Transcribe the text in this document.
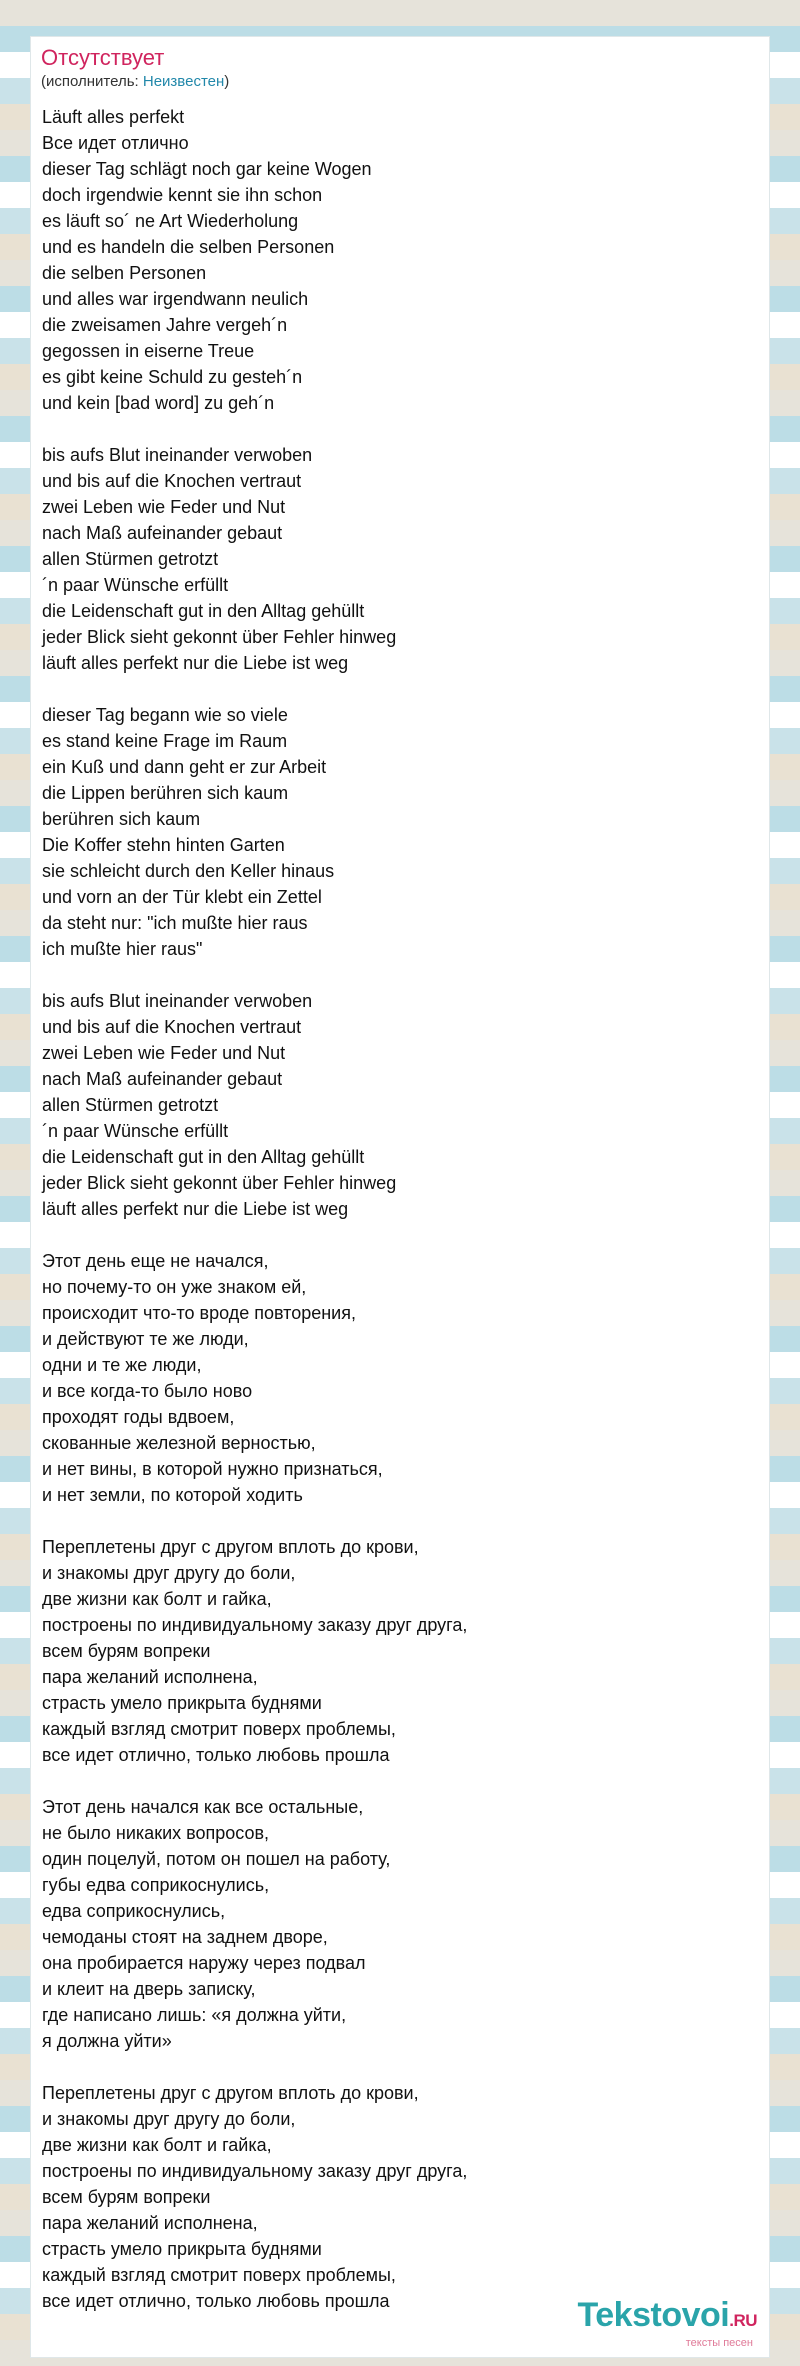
Отсутствует
(исполнитель: Неизвестен)
Läuft alles perfekt
Все идет отлично
dieser Tag schlägt noch gar keine Wogen
doch irgendwie kennt sie ihn schon
es läuft so´ ne Art Wiederholung
und es handeln die selben Personen
die selben Personen
und alles war irgendwann neulich
die zweisamen Jahre vergeh´n
gegossen in eiserne Treue
es gibt keine Schuld zu gesteh´n
und kein [bad word] zu geh´n
bis aufs Blut ineinander verwoben
und bis auf die Knochen vertraut
zwei Leben wie Feder und Nut
nach Maß aufeinander gebaut
allen Stürmen getrotzt
´n paar Wünsche erfüllt
die Leidenschaft gut in den Alltag gehüllt
jeder Blick sieht gekonnt über Fehler hinweg
läuft alles perfekt nur die Liebe ist weg
dieser Tag begann wie so viele
es stand keine Frage im Raum
ein Kuß und dann geht er zur Arbeit
die Lippen berühren sich kaum
berühren sich kaum
Die Koffer stehn hinten Garten
sie schleicht durch den Keller hinaus
und vorn an der Tür klebt ein Zettel
da steht nur: "ich mußte hier raus
ich mußte hier raus"
bis aufs Blut ineinander verwoben
und bis auf die Knochen vertraut
zwei Leben wie Feder und Nut
nach Maß aufeinander gebaut
allen Stürmen getrotzt
´n paar Wünsche erfüllt
die Leidenschaft gut in den Alltag gehüllt
jeder Blick sieht gekonnt über Fehler hinweg
läuft alles perfekt nur die Liebe ist weg
Этот день еще не начался,
но почему-то он уже знаком ей,
происходит что-то вроде повторения,
и действуют те же люди,
одни и те же люди,
и все когда-то было ново
проходят годы вдвоем,
скованные железной верностью,
и нет вины, в которой нужно признаться,
и нет земли, по которой ходить
Переплетены друг с другом вплоть до крови,
и знакомы друг другу до боли,
две жизни как болт и гайка,
построены по индивидуальному заказу друг друга,
всем бурям вопреки
пара желаний исполнена,
страсть умело прикрыта буднями
каждый взгляд смотрит поверх проблемы,
все идет отлично, только любовь прошла
Этот день начался как все остальные,
не было никаких вопросов,
один поцелуй, потом он пошел на работу,
губы едва соприкоснулись,
едва соприкоснулись,
чемоданы стоят на заднем дворе,
она пробирается наружу через подвал
и клеит на дверь записку,
где написано лишь: «я должна уйти,
я должна уйти»
Переплетены друг с другом вплоть до крови,
и знакомы друг другу до боли,
две жизни как болт и гайка,
построены по индивидуальному заказу друг друга,
всем бурям вопреки
пара желаний исполнена,
страсть умело прикрыта буднями
каждый взгляд смотрит поверх проблемы,
все идет отлично, только любовь прошла	Tekstovoi.RU
тексты песен
